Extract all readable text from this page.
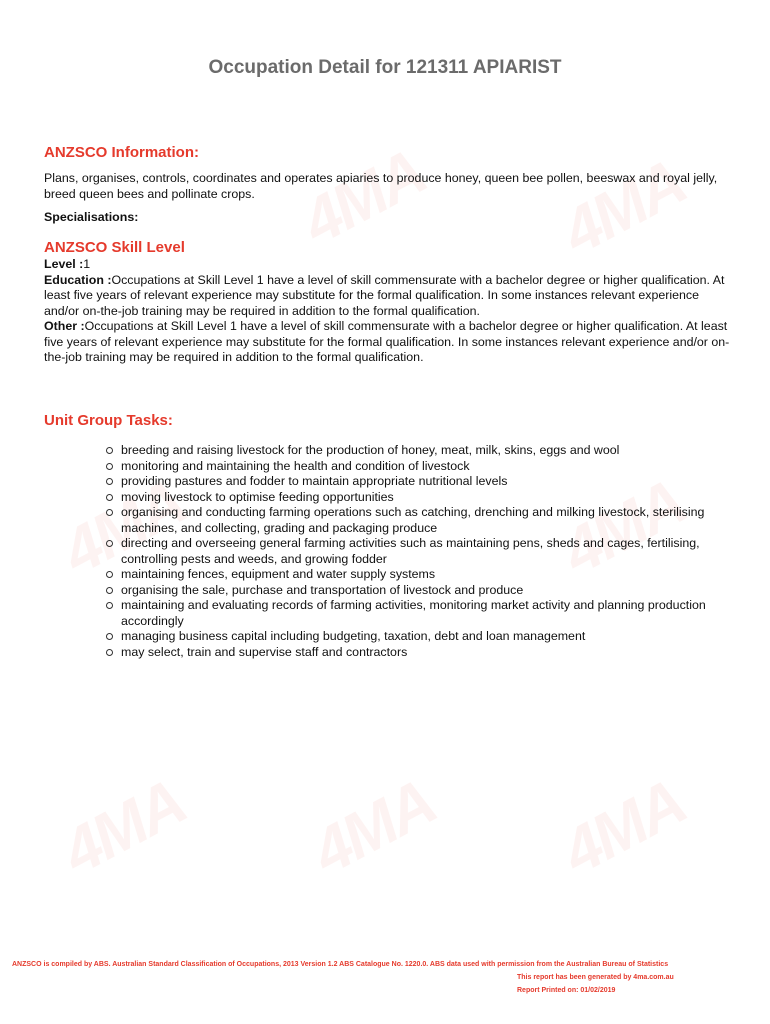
4MA 4MA
4MA	4MA
4MA 4MA 4MA
Occupation Detail for 121311 APIARIST
ANZSCO Information:
Plans, organises, controls, coordinates and operates apiaries to produce honey, queen bee pollen, beeswax and royal jelly, breed queen bees and pollinate crops.
Specialisations:
ANZSCO Skill Level
Level :1
Education :Occupations at Skill Level 1 have a level of skill commensurate with a bachelor degree or higher qualification. At least five years of relevant experience may substitute for the formal qualification. In some instances relevant experience and/or on-the-job training may be required in addition to the formal qualification.
Other :Occupations at Skill Level 1 have a level of skill commensurate with a bachelor degree or higher qualification. At least five years of relevant experience may substitute for the formal qualification. In some instances relevant experience and/or on-the-job training may be required in addition to the formal qualification.
Unit Group Tasks:
breeding and raising livestock for the production of honey, meat, milk, skins, eggs and wool
monitoring and maintaining the health and condition of livestock
providing pastures and fodder to maintain appropriate nutritional levels
moving livestock to optimise feeding opportunities
organising and conducting farming operations such as catching, drenching and milking livestock, sterilising machines, and collecting, grading and packaging produce
directing and overseeing general farming activities such as maintaining pens, sheds and cages, fertilising, controlling pests and weeds, and growing fodder
maintaining fences, equipment and water supply systems
organising the sale, purchase and transportation of livestock and produce
maintaining and evaluating records of farming activities, monitoring market activity and planning production accordingly
managing business capital including budgeting, taxation, debt and loan management
may select, train and supervise staff and contractors
ANZSCO is compiled by ABS. Australian Standard Classification of Occupations, 2013 Version 1.2 ABS Catalogue No. 1220.0. ABS data used with permission from the Australian Bureau of Statistics
This report has been generated by 4ma.com.au
Report Printed on: 01/02/2019
